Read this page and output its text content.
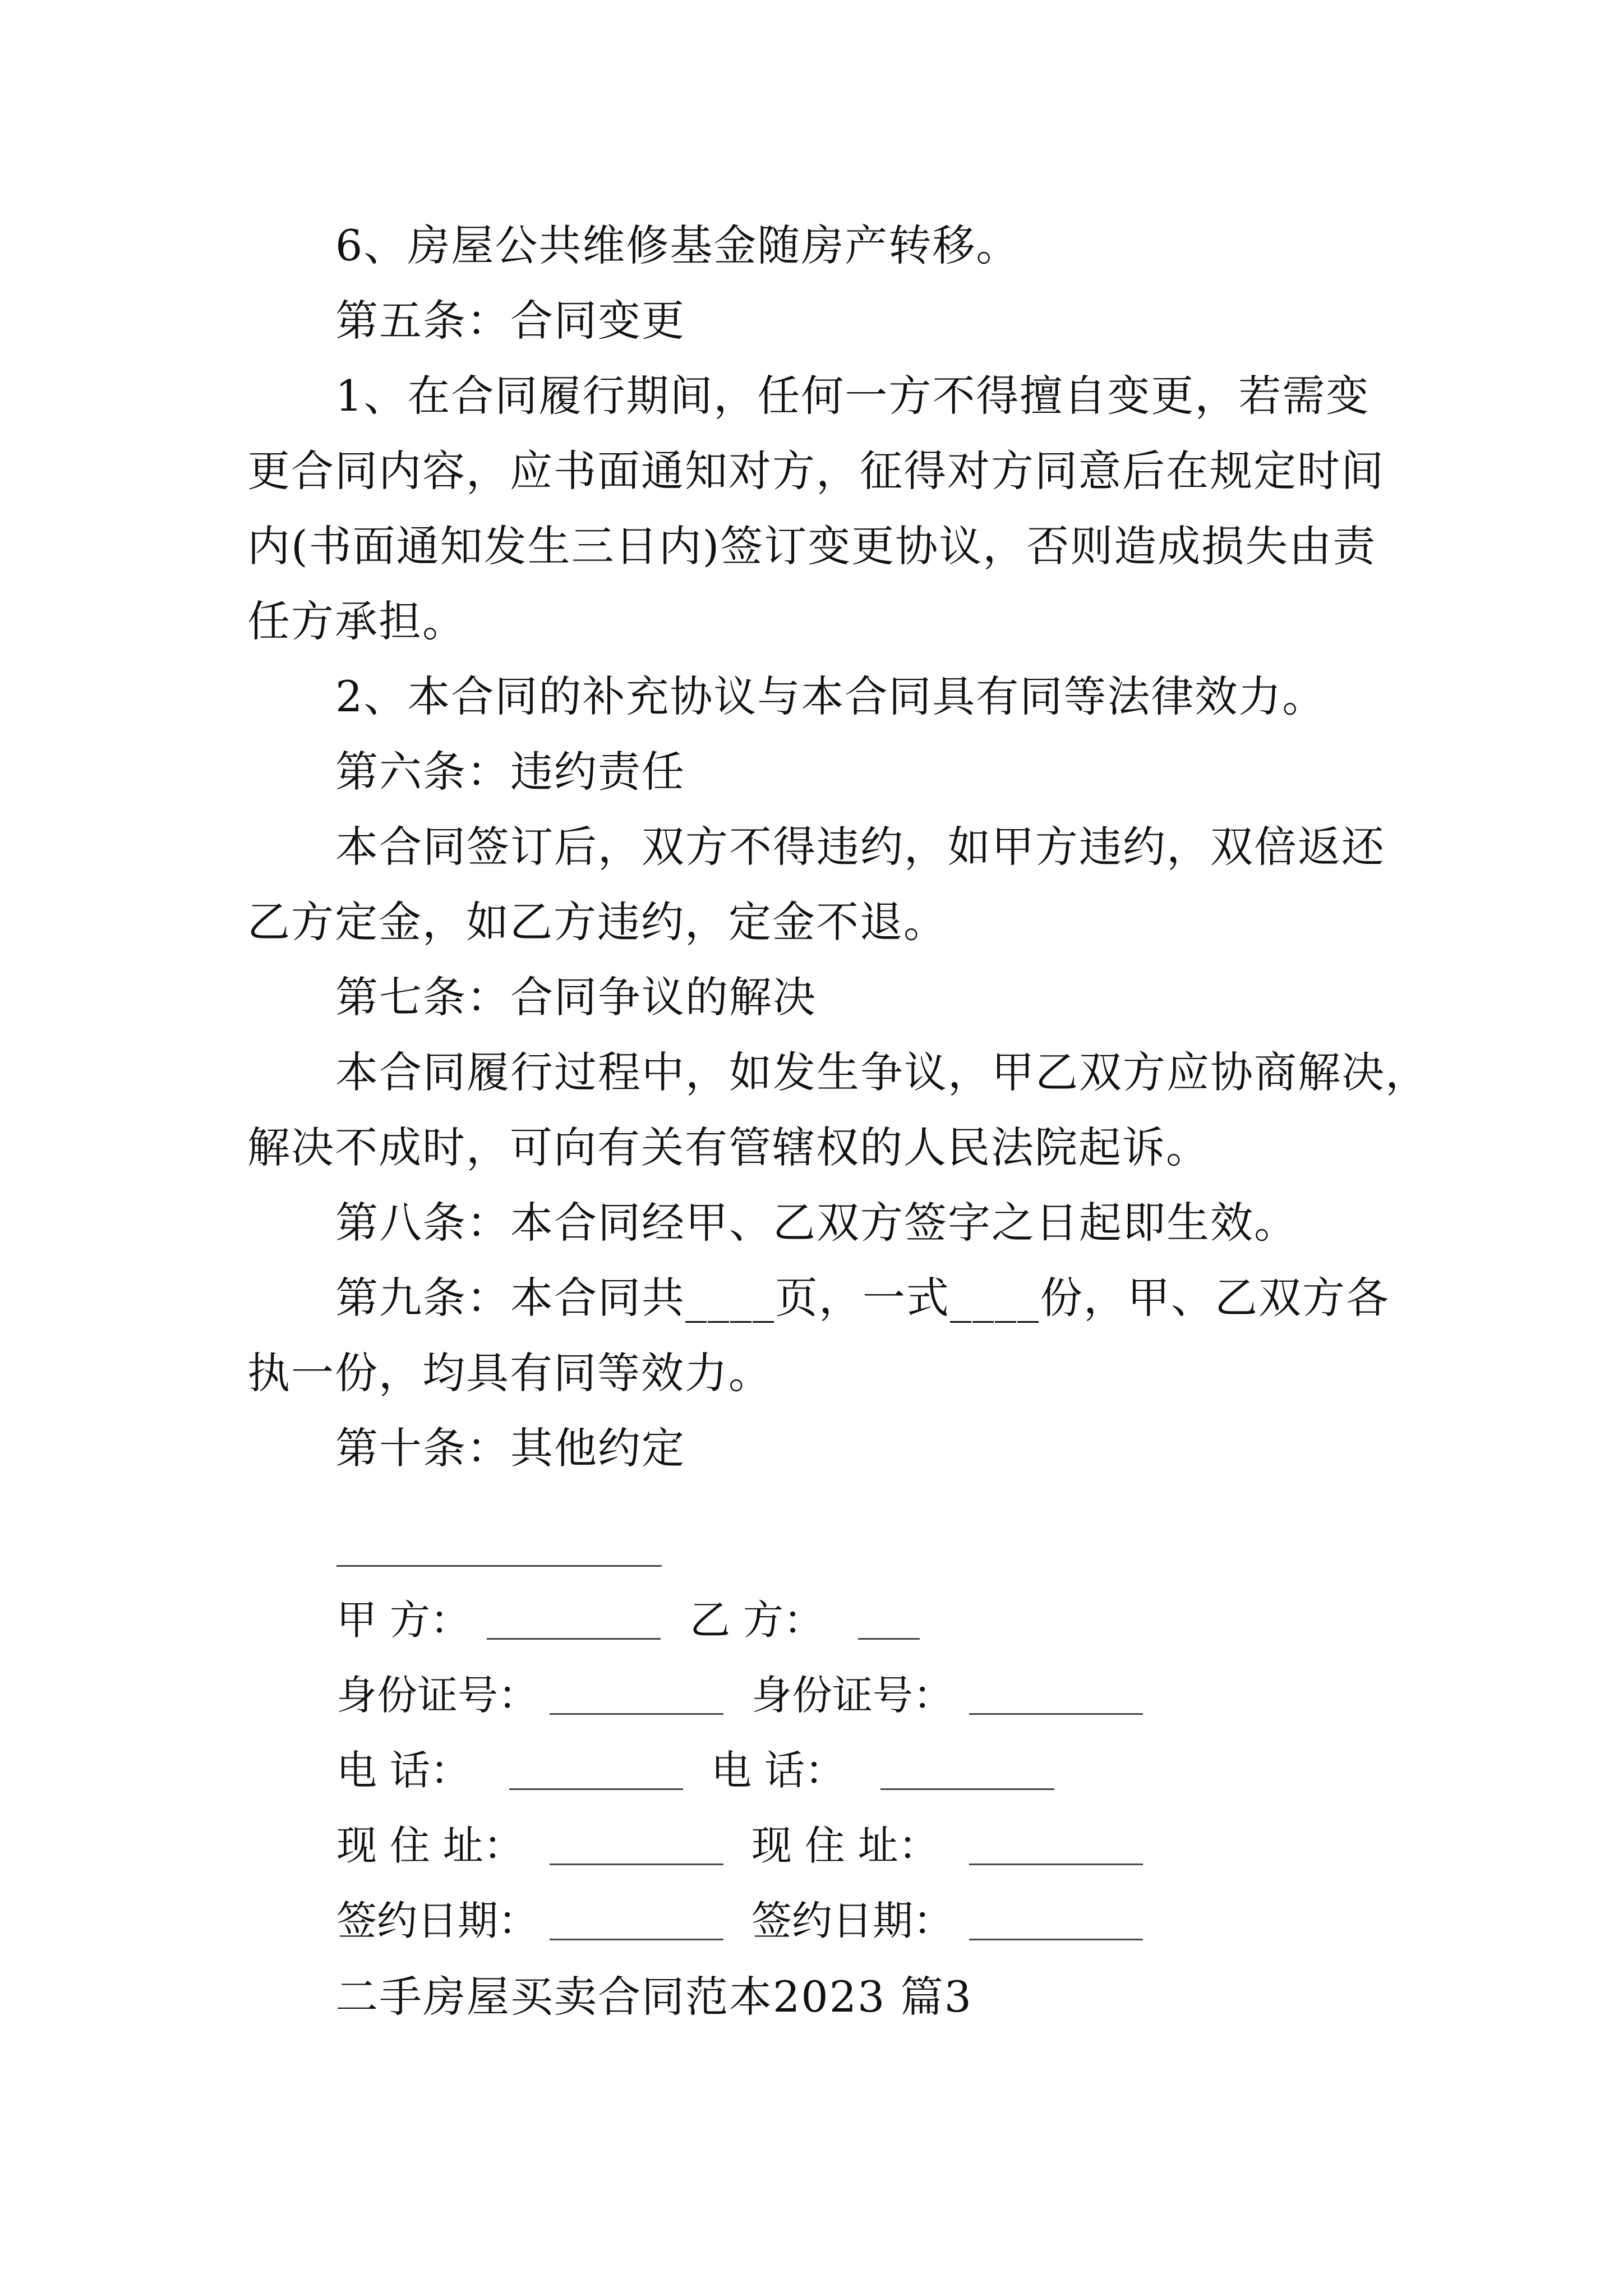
6、房屋公共维修基金随房产转移。
第五条：合同变更
1、在合同履行期间，任何一方不得擅自变更，若需变
更合同内容，应书面通知对方，征得对方同意后在规定时间
内(书面通知发生三日内)签订变更协议，否则造成损失由责
任方承担。
2、本合同的补充协议与本合同具有同等法律效力。
第六条：违约责任
本合同签订后，双方不得违约，如甲方违约，双倍返还
乙方定金，如乙方违约，定金不退。
第七条：合同争议的解决
本合同履行过程中，如发生争议，甲乙双方应协商解决，
解决不成时，可向有关有管辖权的人民法院起诉。
第八条：本合同经甲、乙双方签字之日起即生效。
第九条：本合同共____页，一式____份，甲、乙双方各
执一份，均具有同等效力。
第十条：其他约定
甲 方：	乙 方：
身份证号：	身份证号：
电 话：	电 话：
现 住 址：	现 住 址：
签约日期：	签约日期：
二手房屋买卖合同范本2023 篇3
